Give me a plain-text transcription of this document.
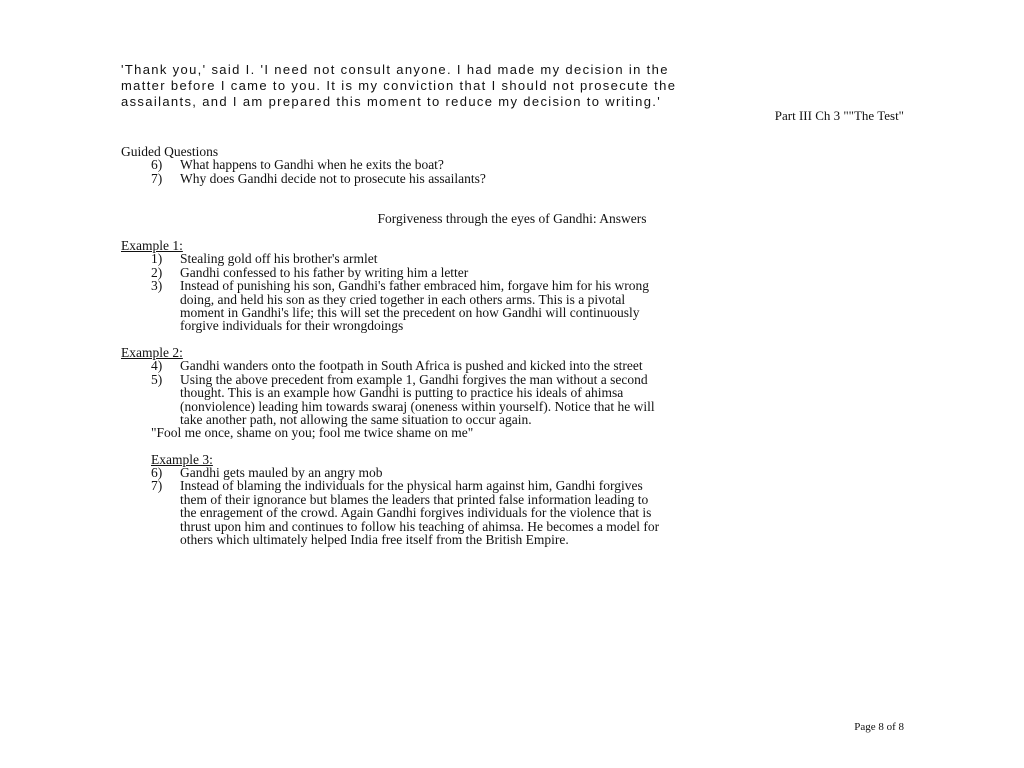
'Thank you,' said I. 'I need not consult anyone. I had made my decision in the
matter before I came to you. It is my conviction that I should not prosecute the
assailants, and I am prepared this moment to reduce my decision to writing.'
Part III Ch 3 ""The Test"
Guided Questions
6) What happens to Gandhi when he exits the boat?
7) Why does Gandhi decide not to prosecute his assailants?
Forgiveness through the eyes of Gandhi: Answers
Example 1:
1) Stealing gold off his brother's armlet
2) Gandhi confessed to his father by writing him a letter
3) Instead of punishing his son, Gandhi's father embraced him, forgave him for his wrong
doing, and held his son as they cried together in each others arms. This is a pivotal
moment in Gandhi's life; this will set the precedent on how Gandhi will continuously
forgive individuals for their wrongdoings
Example 2:
4) Gandhi wanders onto the footpath in South Africa is pushed and kicked into the street
5) Using the above precedent from example 1, Gandhi forgives the man without a second
thought. This is an example how Gandhi is putting to practice his ideals of ahimsa
(nonviolence) leading him towards swaraj (oneness within yourself). Notice that he will
take another path, not allowing the same situation to occur again.
"Fool me once, shame on you; fool me twice shame on me"
Example 3:
6) Gandhi gets mauled by an angry mob
7) Instead of blaming the individuals for the physical harm against him, Gandhi forgives
them of their ignorance but blames the leaders that printed false information leading to
the enragement of the crowd. Again Gandhi forgives individuals for the violence that is
thrust upon him and continues to follow his teaching of ahimsa. He becomes a model for
others which ultimately helped India free itself from the British Empire.
Page 8 of 8
